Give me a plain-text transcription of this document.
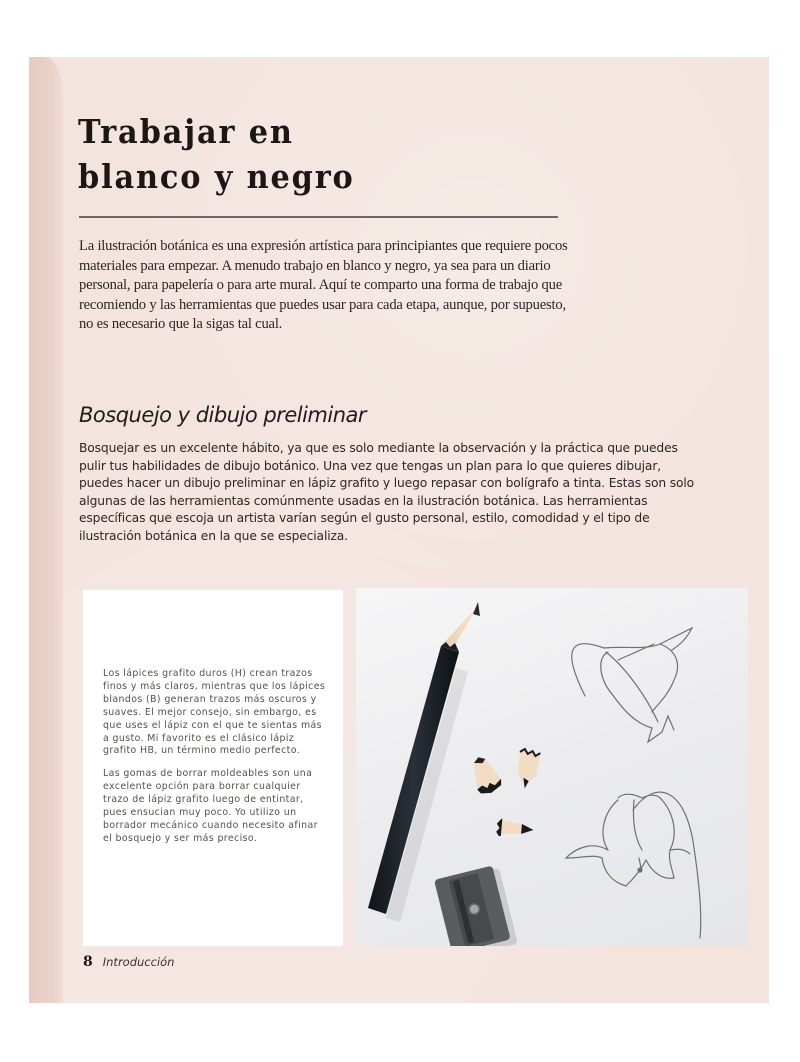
Trabajar en
blanco y negro

La ilustración botánica es una expresión artística para principiantes que requiere pocos materiales para empezar. A menudo trabajo en blanco y negro, ya sea para un diario personal, para papelería o para arte mural. Aquí te comparto una forma de trabajo que recomiendo y las herramientas que puedes usar para cada etapa, aunque, por supuesto, no es necesario que la sigas tal cual.

Bosquejo y dibujo preliminar

Bosquejar es un excelente hábito, ya que es solo mediante la observación y la práctica que puedes pulir tus habilidades de dibujo botánico. Una vez que tengas un plan para lo que quieres dibujar, puedes hacer un dibujo preliminar en lápiz grafito y luego repasar con bolígrafo a tinta. Estas son solo algunas de las herramientas comúnmente usadas en la ilustración botánica. Las herramientas específicas que escoja un artista varían según el gusto personal, estilo, comodidad y el tipo de ilustración botánica en la que se especializa.

Los lápices grafito duros (H) crean trazos finos y más claros, mientras que los lápices blandos (B) generan trazos más oscuros y suaves. El mejor consejo, sin embargo, es que uses el lápiz con el que te sientas más a gusto. Mi favorito es el clásico lápiz grafito HB, un término medio perfecto.

Las gomas de borrar moldeables son una excelente opción para borrar cualquier trazo de lápiz grafito luego de entintar, pues ensucian muy poco. Yo utilizo un borrador mecánico cuando necesito afinar el bosquejo y ser más preciso.

8 Introducción
